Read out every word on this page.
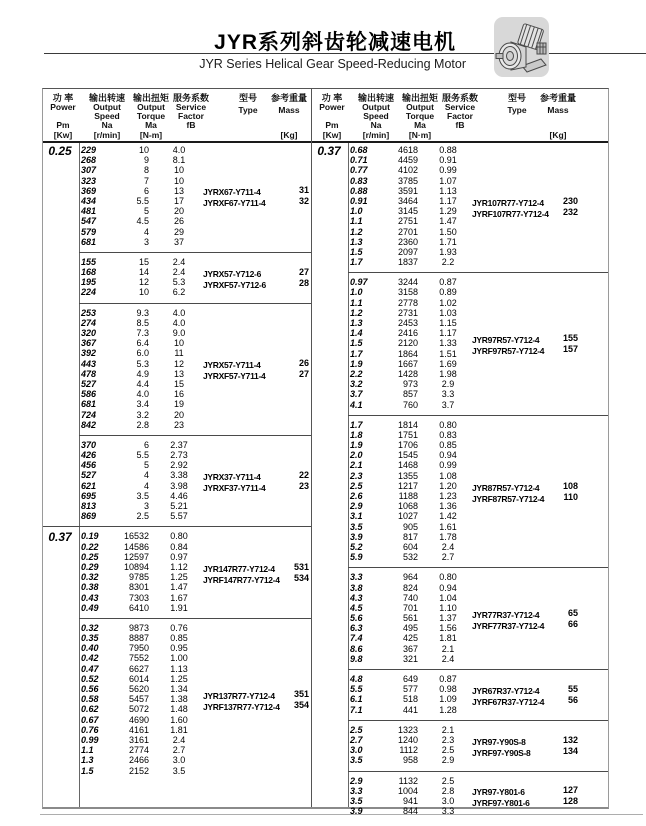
JYR系列斜齿轮减速电机
JYR Series Helical Gear Speed-Reducing Motor
功 率
Power
Pm
[Kw]
输出转速
Output
Speed
Na
[r/min]
输出扭矩
Output
Torque
Ma
[N-m]
服务系数
Service
Factor
fB
型号
Type
参考重量
Mass
[Kg]
0.25	229	10	4.0
268	9	8.1
307	8	10
323	7	10
369	6	13
434	5.5	17
481	5	20
547	4.5	26
579	4	29
681	3	37
JYRX67-Y711-4	31
JYRXF67-Y711-4	32
155	15	2.4
168	14	2.4
195	12	5.3
224	10	6.2
JYRX57-Y712-6	27
JYRXF57-Y712-6	28
253	9.3	4.0
274	8.5	4.0
320	7.3	9.0
367	6.4	10
392	6.0	11
443	5.3	12
478	4.9	13
527	4.4	15
586	4.0	16
681	3.4	19
724	3.2	20
842	2.8	23
JYRX57-Y711-4	26
JYRXF57-Y711-4	27
370	6	2.37
426	5.5	2.73
456	5	2.92
527	4	3.38
621	4	3.98
695	3.5	4.46
813	3	5.21
869	2.5	5.57
JYRX37-Y711-4	22
JYRXF37-Y711-4	23
0.37	0.19	16532	0.80
0.22	14586	0.84
0.25	12597	0.97
0.29	10894	1.12
0.32	9785	1.25
0.38	8301	1.47
0.43	7303	1.67
0.49	6410	1.91
JYR147R77-Y712-4 531
JYRF147R77-Y712-4 534
0.32	9873	0.76
0.35	8887	0.85
0.40	7950	0.95
0.42	7552	1.00
0.47	6627	1.13
0.52	6014	1.25
0.56	5620	1.34
0.58	5457	1.38
0.62	5072	1.48
0.67	4690	1.60
0.76	4161	1.81
0.99	3161	2.4
1.1	2774	2.7
1.3	2466	3.0
1.5	2152	3.5
JYR137R77-Y712-4 351
JYRF137R77-Y712-4 354
功 率
Power
Pm
[Kw]
输出转速
Output
Speed
Na
[r/min]
输出扭矩
Output
Torque
Ma
[N·m]
服务系数
Service
Factor
fB
型号
Type
参考重量
Mass
[Kg]
0.37	0.68	4618	0.88
0.71	4459	0.91
0.77	4102	0.99
0.83	3785	1.07
0.88	3591	1.13
0.91	3464	1.17
1.0	3145	1.29
1.1	2751	1.47
1.2	2701	1.50
1.3	2360	1.71
1.5	2097	1.93
1.7	1837	2.2
JYR107R77-Y712-4 230
JYRF107R77-Y712-4 232
0.97	3244	0.87
1.0	3158	0.89
1.1	2778	1.02
1.2	2731	1.03
1.3	2453	1.15
1.4	2416	1.17
1.5	2120	1.33
1.7	1864	1.51
1.9	1667	1.69
2.2	1428	1.98
3.2	973	2.9
3.7	857	3.3
4.1	760	3.7
JYR97R57-Y712-4	155
JYRF97R57-Y712-4 157
1.7	1814	0.80
1.8	1751	0.83
1.9	1706	0.85
2.0	1545	0.94
2.1	1468	0.99
2.3	1355	1.08
2.5	1217	1.20
2.6	1188	1.23
2.9	1068	1.36
3.1	1027	1.42
3.5	905	1.61
3.9	817	1.78
5.2	604	2.4
5.9	532	2.7
JYR87R57-Y712-4	108
JYRF87R57-Y712-4 110
3.3	964	0.80
3.8	824	0.94
4.3	740	1.04
4.5	701	1.10
5.6	561	1.37
6.3	495	1.56
7.4	425	1.81
8.6	367	2.1
9.8	321	2.4
JYR77R37-Y712-4	65
JYRF77R37-Y712-4	66
4.8	649	0.87
5.5	577	0.98
6.1	518	1.09
7.1	441	1.28
JYR67R37-Y712-4	55
JYRF67R37-Y712-4	56
2.5	1323	2.1
2.7	1240	2.3
3.0	1112	2.5
3.5	958	2.9
JYR97-Y90S-8	132
JYRF97-Y90S-8	134
2.9	1132	2.5
3.3	1004	2.8
3.5	941	3.0
3.9	844	3.3
JYR97-Y801-6	127
JYRF97-Y801-6	128
